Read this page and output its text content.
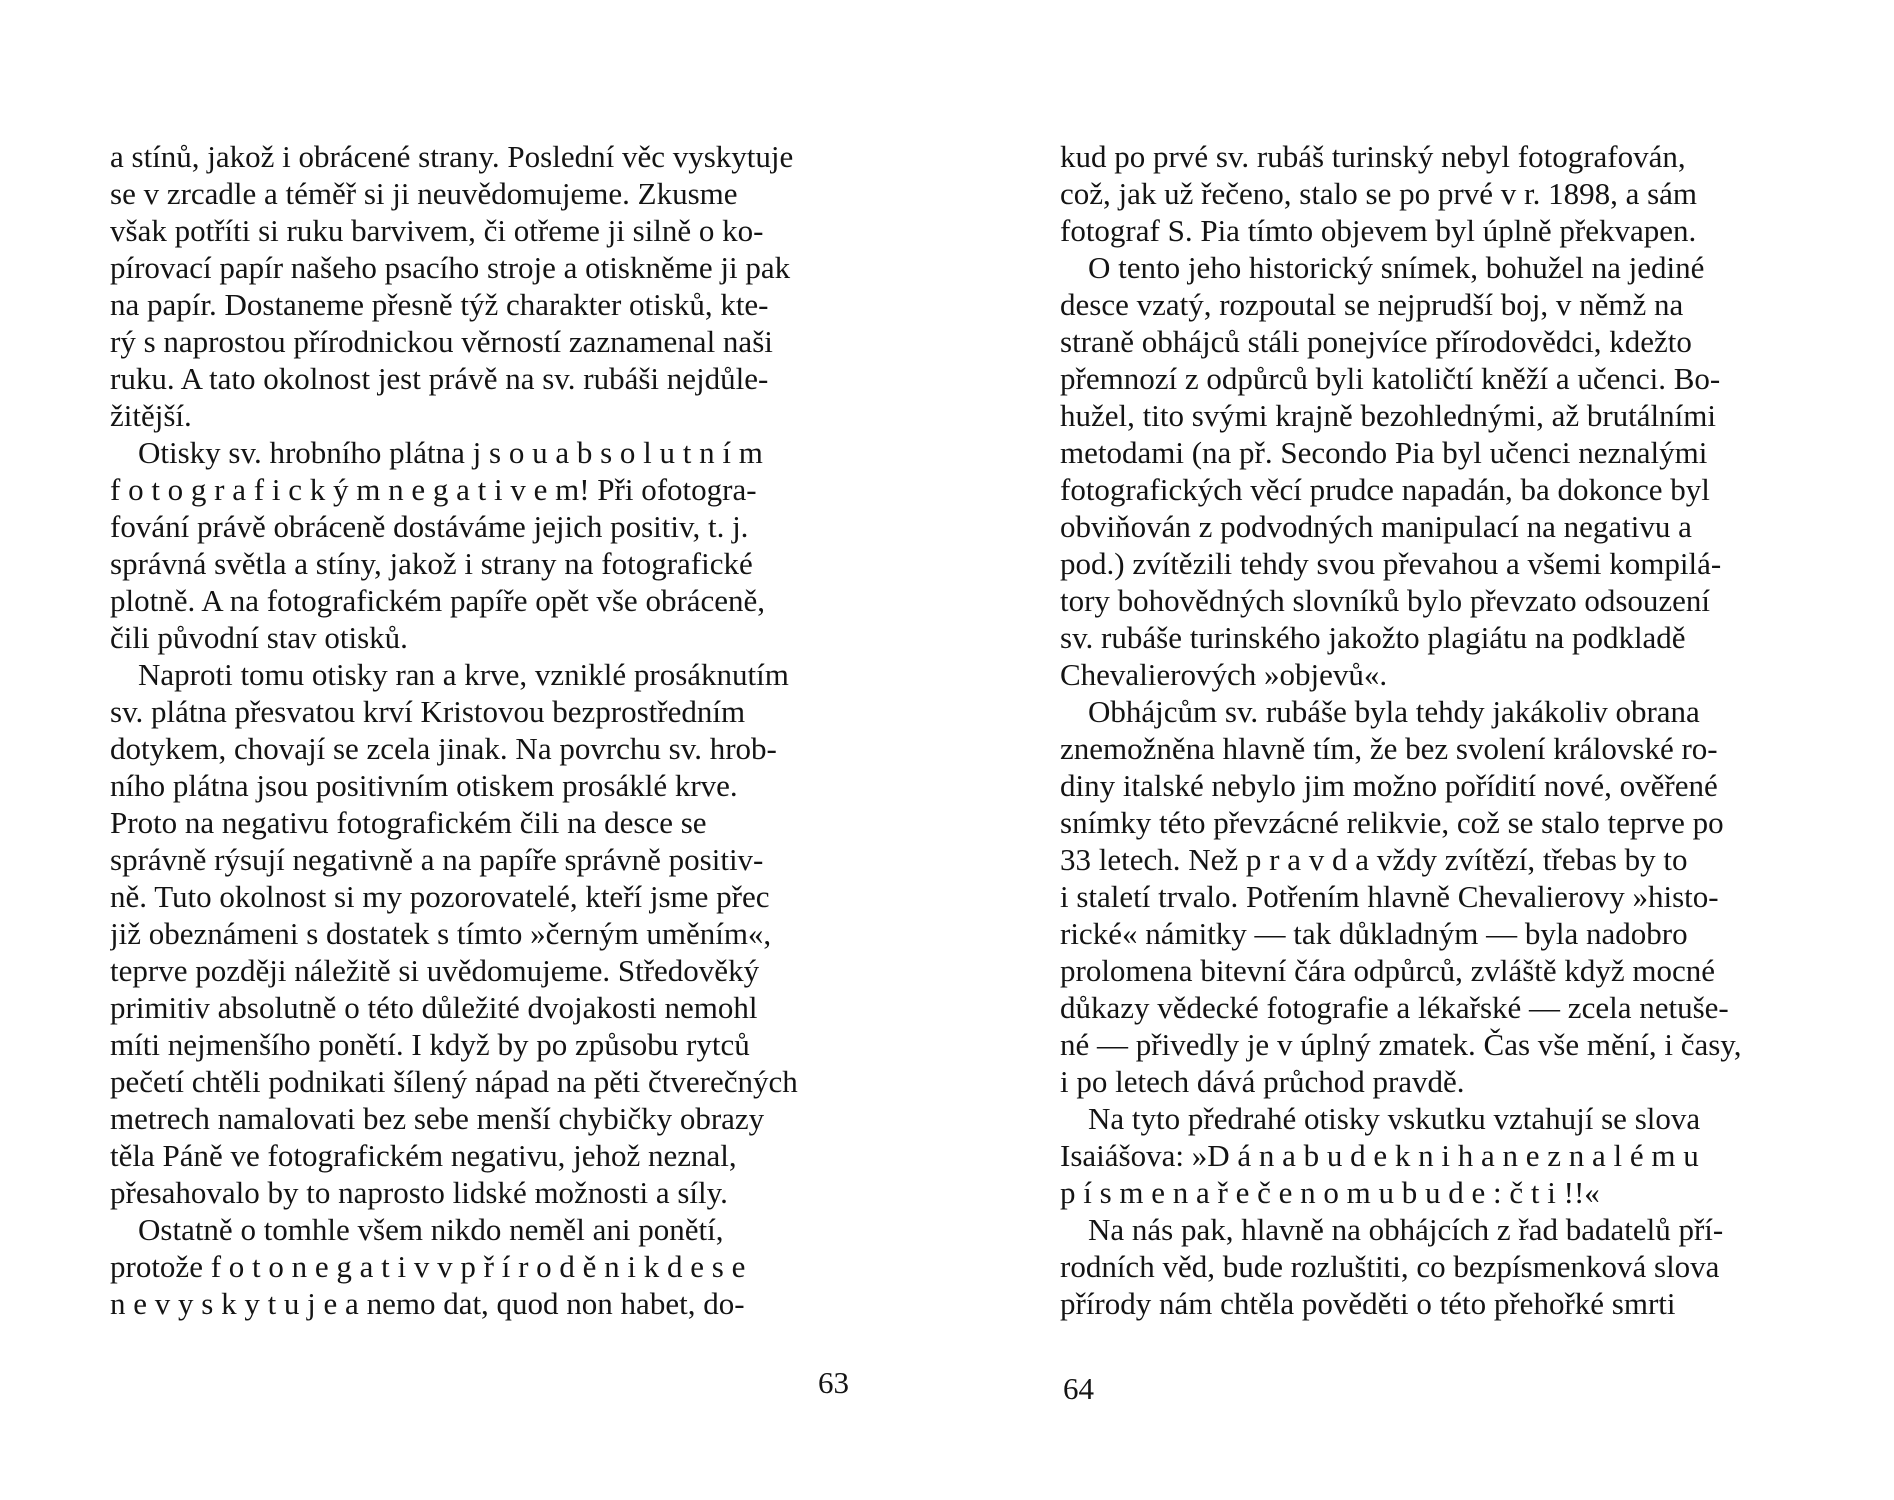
a stínů, jakož i obrácené strany. Poslední věc vyskytuje
se v zrcadle a téměř si ji neuvědomujeme. Zkusme
však potříti si ruku barvivem, či otřeme ji silně o ko-
pírovací papír našeho psacího stroje a otiskněme ji pak
na papír. Dostaneme přesně týž charakter otisků, kte-
rý s naprostou přírodnickou věrností zaznamenal naši
ruku. A tato okolnost jest právě na sv. rubáši nejdůle-
žitější.
Otisky sv. hrobního plátna j s o u a b s o l u t n í m
f o t o g r a f i c k ý m n e g a t i v e m! Při ofotogra-
fování právě obráceně dostáváme jejich positiv, t. j.
správná světla a stíny, jakož i strany na fotografické
plotně. A na fotografickém papíře opět vše obráceně,
čili původní stav otisků.
Naproti tomu otisky ran a krve, vzniklé prosáknutím
sv. plátna přesvatou krví Kristovou bezprostředním
dotykem, chovají se zcela jinak. Na povrchu sv. hrob-
ního plátna jsou positivním otiskem prosáklé krve.
Proto na negativu fotografickém čili na desce se
správně rýsují negativně a na papíře správně positiv-
ně. Tuto okolnost si my pozorovatelé, kteří jsme přec
již obeznámeni s dostatek s tímto »černým uměním«,
teprve později náležitě si uvědomujeme. Středověký
primitiv absolutně o této důležité dvojakosti nemohl
míti nejmenšího ponětí. I když by po způsobu rytců
pečetí chtěli podnikati šílený nápad na pěti čtverečných
metrech namalovati bez sebe menší chybičky obrazy
těla Páně ve fotografickém negativu, jehož neznal,
přesahovalo by to naprosto lidské možnosti a síly.
Ostatně o tomhle všem nikdo neměl ani ponětí,
protože f o t o n e g a t i v v p ř í r o d ě n i k d e s e
n e v y s k y t u j e a nemo dat, quod non habet, do-
kud po prvé sv. rubáš turinský nebyl fotografován,
což, jak už řečeno, stalo se po prvé v r. 1898, a sám
fotograf S. Pia tímto objevem byl úplně překvapen.
O tento jeho historický snímek, bohužel na jediné
desce vzatý, rozpoutal se nejprudší boj, v němž na
straně obhájců stáli ponejvíce přírodovědci, kdežto
přemnozí z odpůrců byli katoličtí kněží a učenci. Bo-
hužel, tito svými krajně bezohlednými, až brutálními
metodami (na př. Secondo Pia byl učenci neznalými
fotografických věcí prudce napadán, ba dokonce byl
obviňován z podvodných manipulací na negativu a
pod.) zvítězili tehdy svou převahou a všemi kompilá-
tory bohovědných slovníků bylo převzato odsouzení
sv. rubáše turinského jakožto plagiátu na podkladě
Chevalierových »objevů«.
Obhájcům sv. rubáše byla tehdy jakákoliv obrana
znemožněna hlavně tím, že bez svolení královské ro-
diny italské nebylo jim možno pořídití nové, ověřené
snímky této převzácné relikvie, což se stalo teprve po
33 letech. Než p r a v d a vždy zvítězí, třebas by to
i staletí trvalo. Potřením hlavně Chevalierovy »histo-
rické« námitky — tak důkladným — byla nadobro
prolomena bitevní čára odpůrců, zvláště když mocné
důkazy vědecké fotografie a lékařské — zcela netuše-
né — přivedly je v úplný zmatek. Čas vše mění, i časy,
i po letech dává průchod pravdě.
Na tyto předrahé otisky vskutku vztahují se slova
Isaiášova: »D á n a b u d e k n i h a n e z n a l é m u
p í s m e n a ř e č e n o m u b u d e : č t i !!«
Na nás pak, hlavně na obhájcích z řad badatelů pří-
rodních věd, bude rozluštiti, co bezpísmenková slova
přírody nám chtěla pověděti o této přehořké smrti
63	64
